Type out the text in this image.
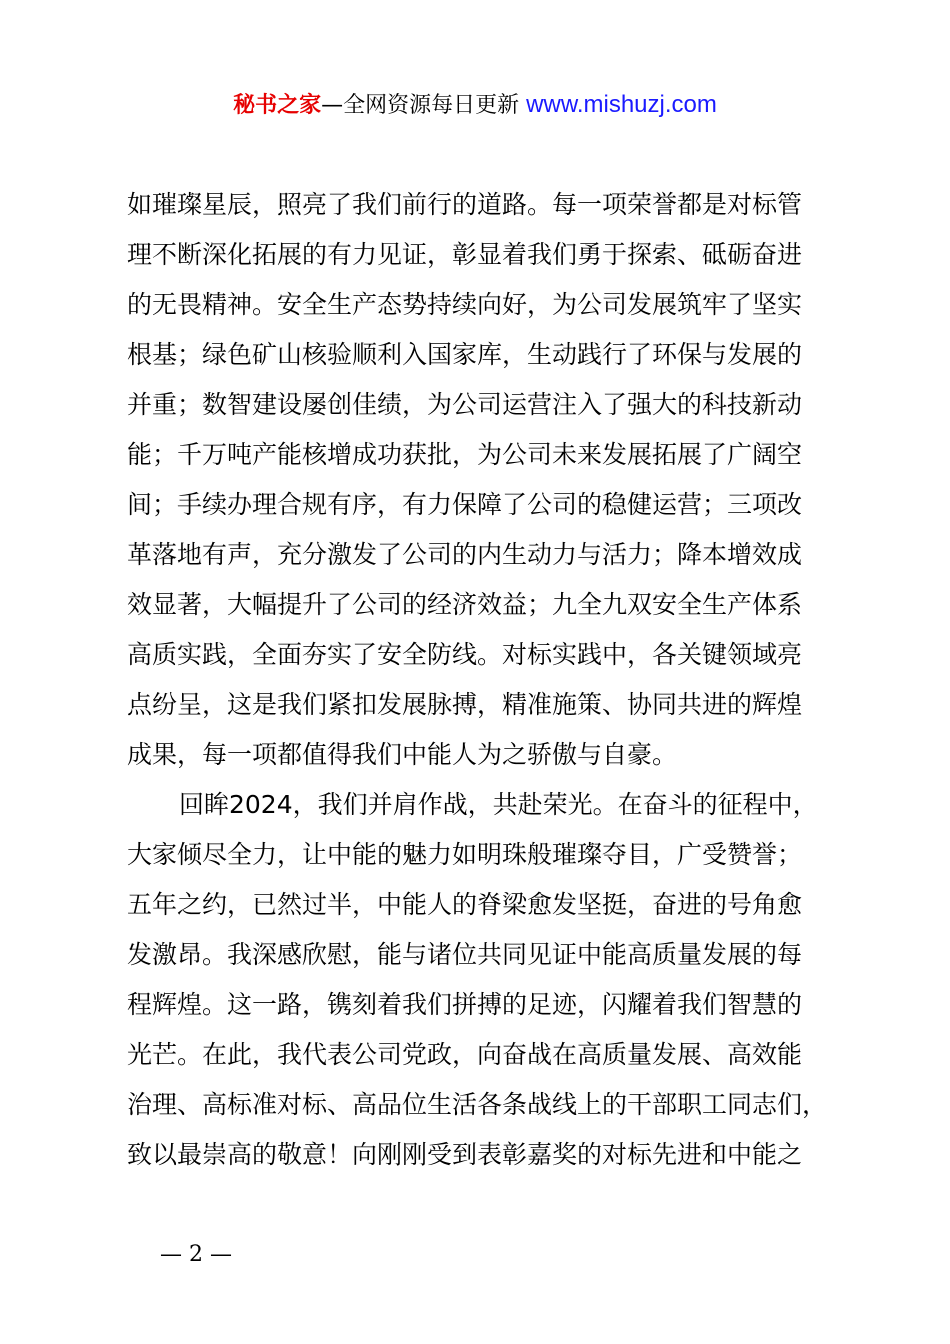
秘书之家—全网资源每日更新 www.mishuzj.com
如璀璨星辰，照亮了我们前行的道路。每一项荣誉都是对标管
理不断深化拓展的有力见证，彰显着我们勇于探索、砥砺奋进
的无畏精神。安全生产态势持续向好，为公司发展筑牢了坚实
根基；绿色矿山核验顺利入国家库，生动践行了环保与发展的
并重；数智建设屡创佳绩，为公司运营注入了强大的科技新动
能；千万吨产能核增成功获批，为公司未来发展拓展了广阔空
间；手续办理合规有序，有力保障了公司的稳健运营；三项改
革落地有声，充分激发了公司的内生动力与活力；降本增效成
效显著，大幅提升了公司的经济效益；九全九双安全生产体系
高质实践，全面夯实了安全防线。对标实践中，各关键领域亮
点纷呈，这是我们紧扣发展脉搏，精准施策、协同共进的辉煌
成果，每一项都值得我们中能人为之骄傲与自豪。
回眸2024，我们并肩作战，共赴荣光。在奋斗的征程中，
大家倾尽全力，让中能的魅力如明珠般璀璨夺目，广受赞誉；
五年之约，已然过半，中能人的脊梁愈发坚挺，奋进的号角愈
发激昂。我深感欣慰，能与诸位共同见证中能高质量发展的每
程辉煌。这一路，镌刻着我们拼搏的足迹，闪耀着我们智慧的
光芒。在此，我代表公司党政，向奋战在高质量发展、高效能
治理、高标准对标、高品位生活各条战线上的干部职工同志们，
致以最崇高的敬意！向刚刚受到表彰嘉奖的对标先进和中能之
— 2 —
